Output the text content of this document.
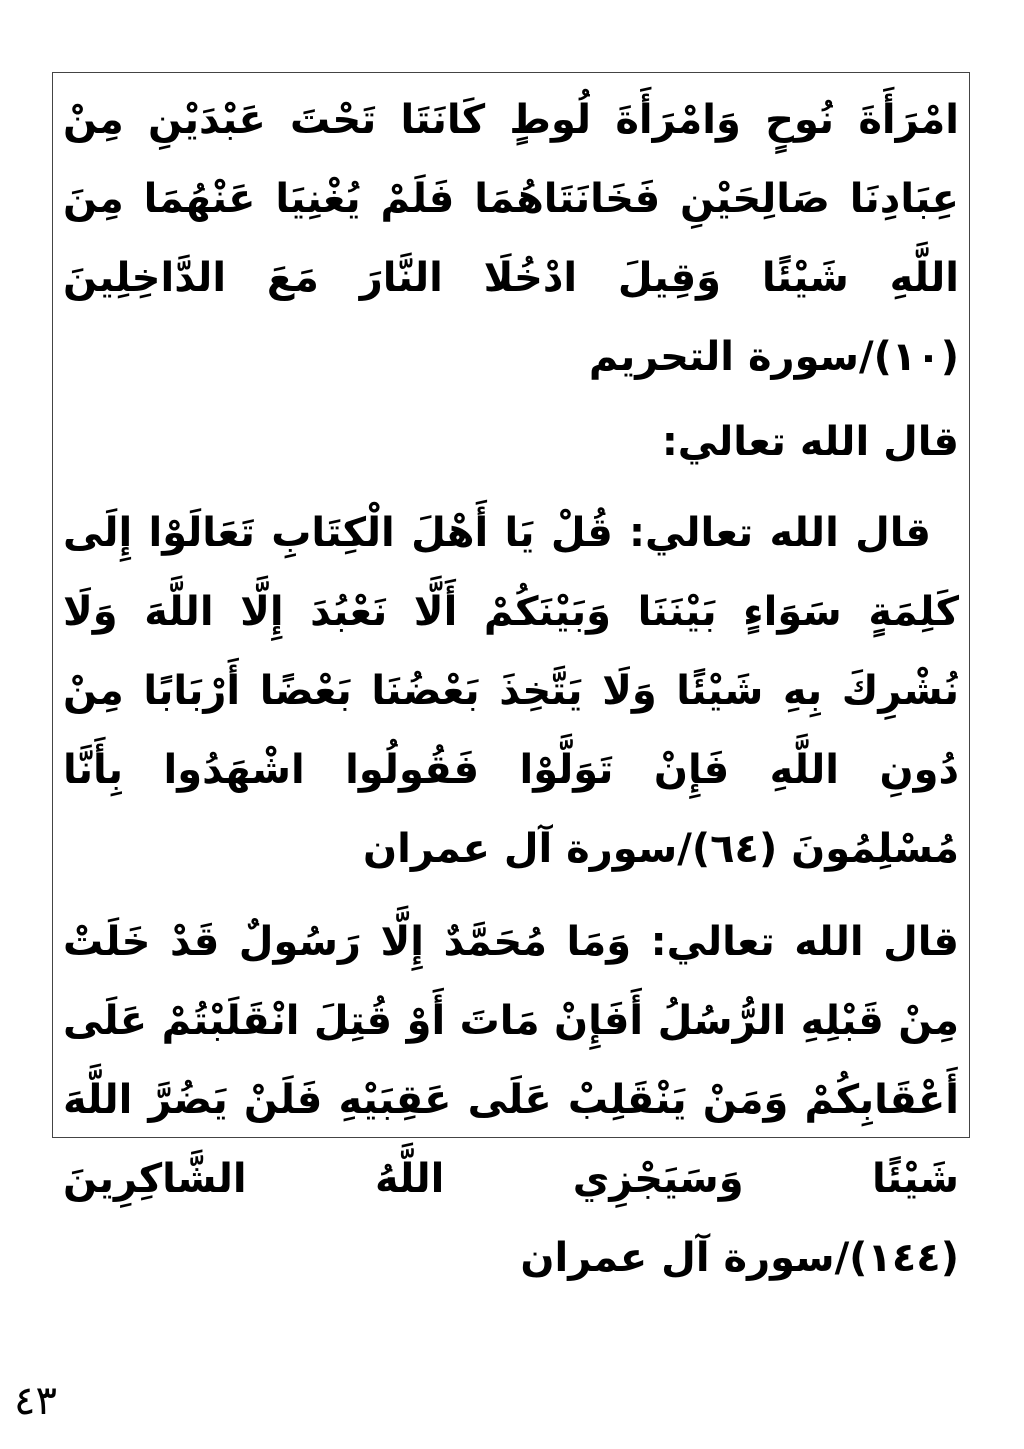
امْرَأَةَ نُوحٍ وَامْرَأَةَ لُوطٍ كَانَتَا تَحْتَ عَبْدَيْنِ مِنْ عِبَادِنَا صَالِحَيْنِ فَخَانَتَاهُمَا فَلَمْ يُغْنِيَا عَنْهُمَا مِنَ اللَّهِ شَيْئًا وَقِيلَ ادْخُلَا النَّارَ مَعَ الدَّاخِلِينَ (١٠)/سورة التحريم

قال الله تعالي:

قال الله تعالي: قُلْ يَا أَهْلَ الْكِتَابِ تَعَالَوْا إِلَى كَلِمَةٍ سَوَاءٍ بَيْنَنَا وَبَيْنَكُمْ أَلَّا نَعْبُدَ إِلَّا اللَّهَ وَلَا نُشْرِكَ بِهِ شَيْئًا وَلَا يَتَّخِذَ بَعْضُنَا بَعْضًا أَرْبَابًا مِنْ دُونِ اللَّهِ فَإِنْ تَوَلَّوْا فَقُولُوا اشْهَدُوا بِأَنَّا مُسْلِمُونَ (٦٤)/سورة آل عمران

قال الله تعالي: وَمَا مُحَمَّدٌ إِلَّا رَسُولٌ قَدْ خَلَتْ مِنْ قَبْلِهِ الرُّسُلُ أَفَإِنْ مَاتَ أَوْ قُتِلَ انْقَلَبْتُمْ عَلَى أَعْقَابِكُمْ وَمَنْ يَنْقَلِبْ عَلَى عَقِبَيْهِ فَلَنْ يَضُرَّ اللَّهَ شَيْئًا وَسَيَجْزِي اللَّهُ الشَّاكِرِينَ (١٤٤)/سورة آل عمران

٤٣
